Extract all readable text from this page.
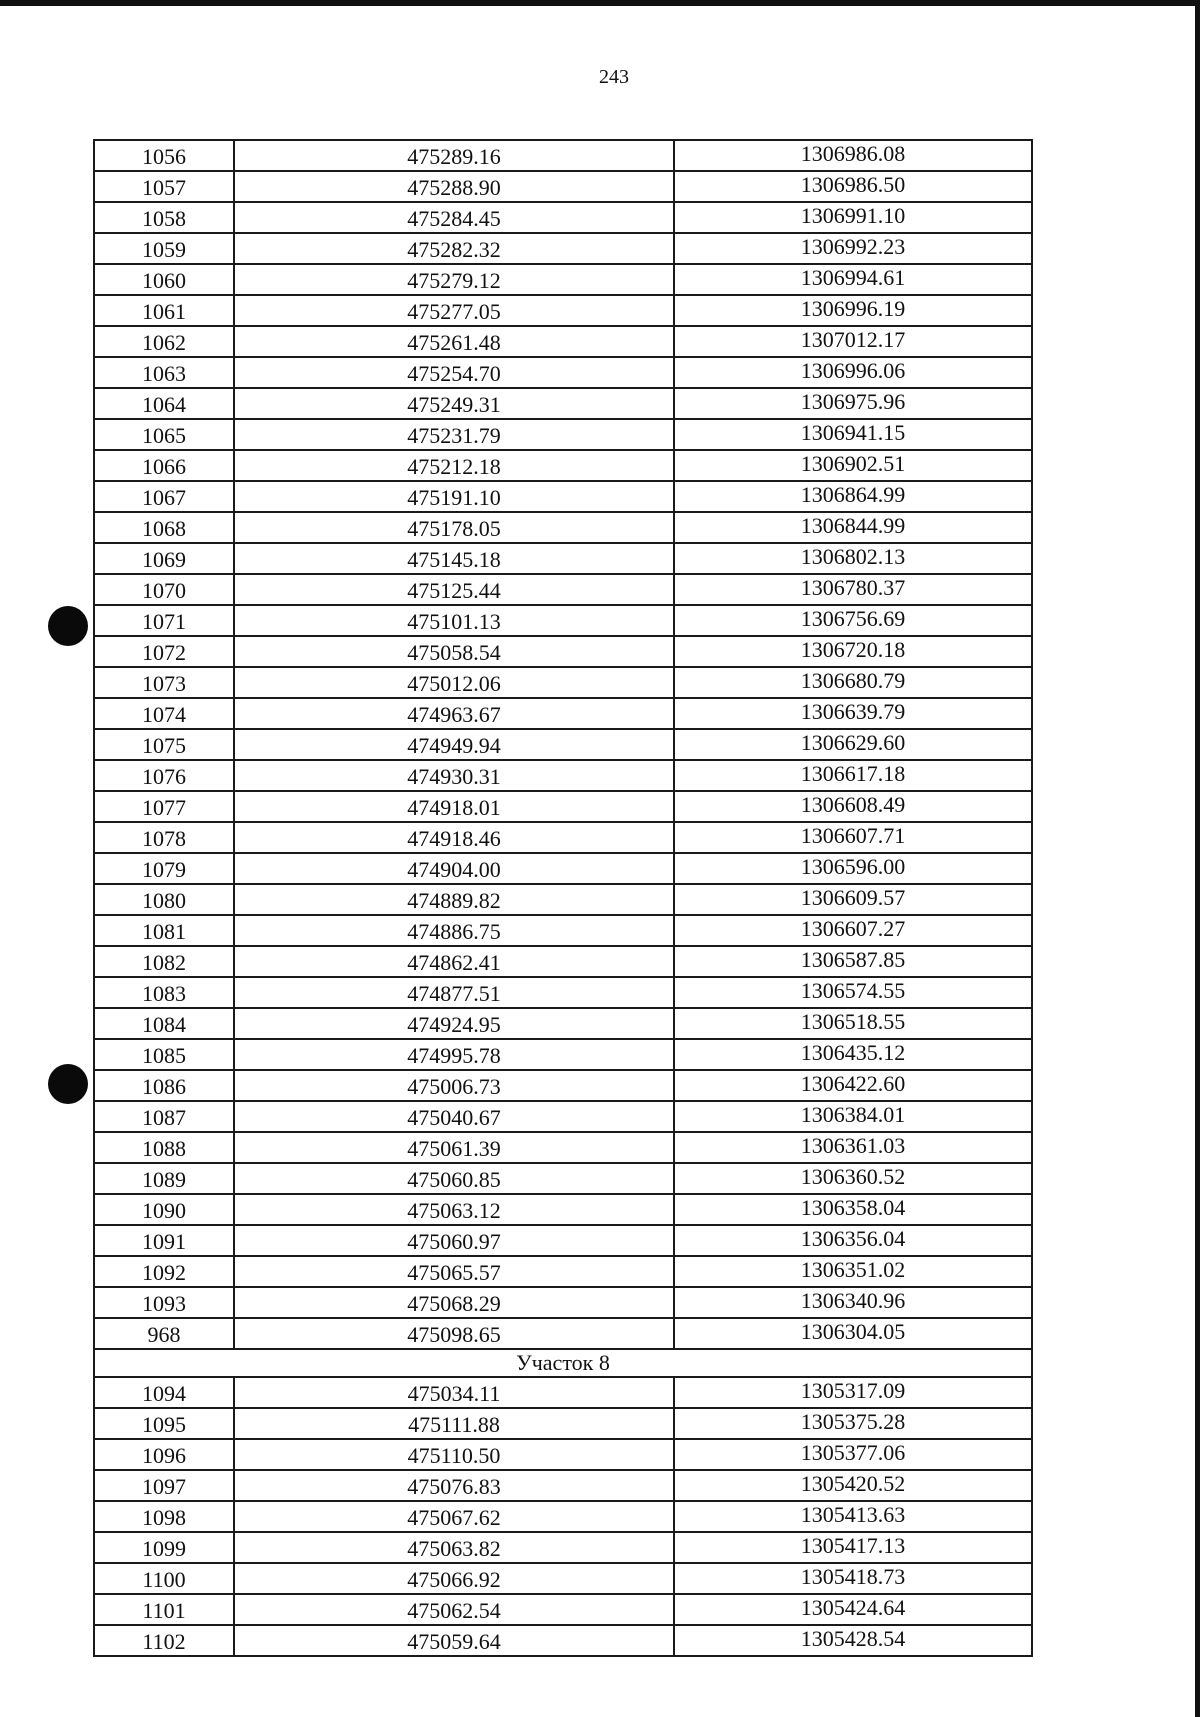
243
1056	475289.16	1306986.08
1057	475288.90	1306986.50
1058	475284.45	1306991.10
1059	475282.32	1306992.23
1060	475279.12	1306994.61
1061	475277.05	1306996.19
1062	475261.48	1307012.17
1063	475254.70	1306996.06
1064	475249.31	1306975.96
1065	475231.79	1306941.15
1066	475212.18	1306902.51
1067	475191.10	1306864.99
1068	475178.05	1306844.99
1069	475145.18	1306802.13
1070	475125.44	1306780.37
1071	475101.13	1306756.69
1072	475058.54	1306720.18
1073	475012.06	1306680.79
1074	474963.67	1306639.79
1075	474949.94	1306629.60
1076	474930.31	1306617.18
1077	474918.01	1306608.49
1078	474918.46	1306607.71
1079	474904.00	1306596.00
1080	474889.82	1306609.57
1081	474886.75	1306607.27
1082	474862.41	1306587.85
1083	474877.51	1306574.55
1084	474924.95	1306518.55
1085	474995.78	1306435.12
1086	475006.73	1306422.60
1087	475040.67	1306384.01
1088	475061.39	1306361.03
1089	475060.85	1306360.52
1090	475063.12	1306358.04
1091	475060.97	1306356.04
1092	475065.57	1306351.02
1093	475068.29	1306340.96
968	475098.65	1306304.05
Участок 8		
1094	475034.11	1305317.09
1095	475111.88	1305375.28
1096	475110.50	1305377.06
1097	475076.83	1305420.52
1098	475067.62	1305413.63
1099	475063.82	1305417.13
1100	475066.92	1305418.73
1101	475062.54	1305424.64
1102	475059.64	1305428.54
